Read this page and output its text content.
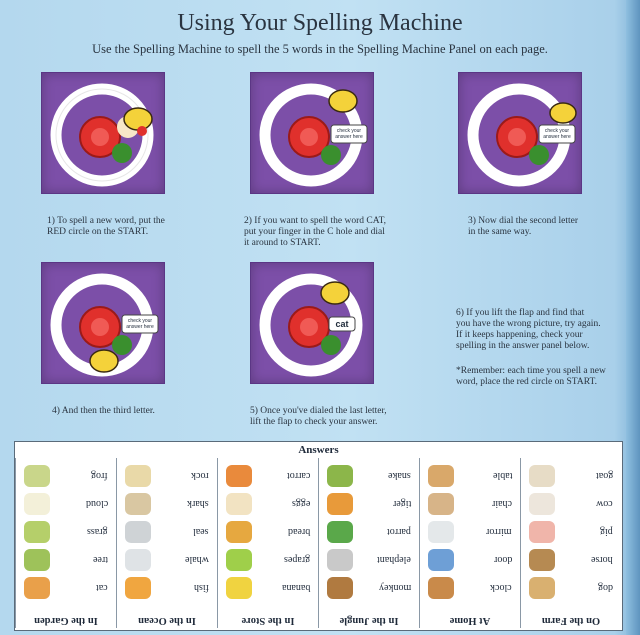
Using Your Spelling Machine
Use the Spelling Machine to spell the 5 words in the Spelling Machine Panel on each page.
check your answer here
check your answer here
check your answer here	cat
1) To spell a new word, put the
RED circle on the START.
2) If you want to spell the word CAT,
put your finger in the C hole and dial
it around to START.
3) Now dial the second letter
in the same way.
4) And then the third letter.	5) Once you've dialed the last letter,
lift the flap to check your answer.
6) If you lift the flap and find that
you have the wrong picture, try again.
If it keeps happening, check your
spelling in the answer panel below.
*Remember: each time you spell a new
word, place the red circle on START.
Answers
frog
cloud
grass
tree
cat
In the Garden
rock
shark
seal
whale
fish
In the Ocean
carrot
eggs
bread
grapes
banana
In the Store
snake
tiger
parrot
elephant
monkey
In the Jungle
table
chair
mirror
door
clock
At Home
goat
cow
pig
horse
dog
On the Farm
